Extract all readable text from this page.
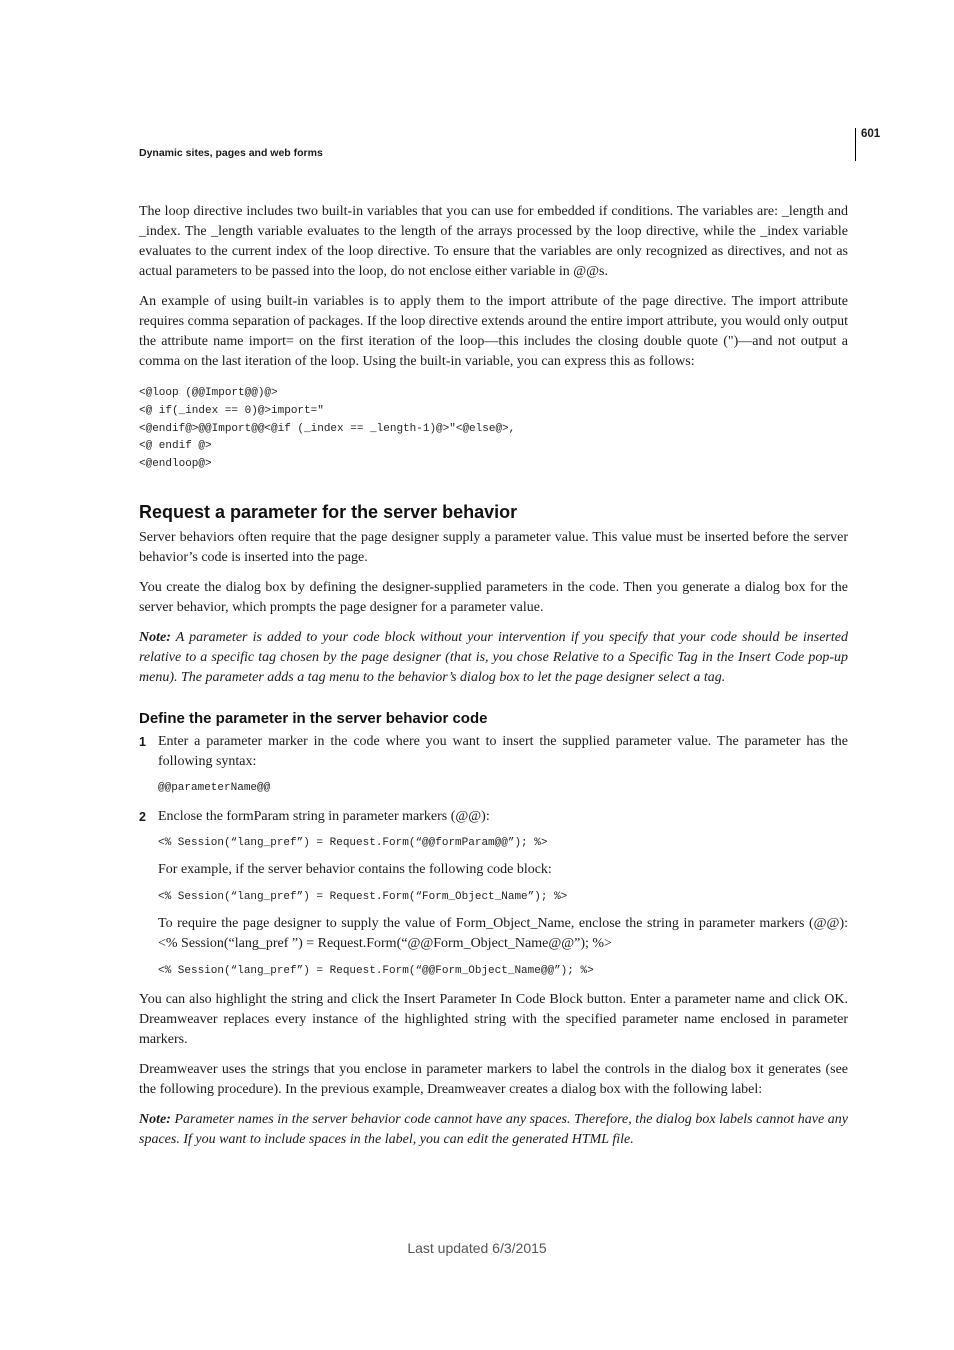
601
Dynamic sites, pages and web forms

The loop directive includes two built-in variables that you can use for embedded if conditions. The variables are: _length and _index. The _length variable evaluates to the length of the arrays processed by the loop directive, while the _index variable evaluates to the current index of the loop directive. To ensure that the variables are only recognized as directives, and not as actual parameters to be passed into the loop, do not enclose either variable in @@s.

An example of using built-in variables is to apply them to the import attribute of the page directive. The import attribute requires comma separation of packages. If the loop directive extends around the entire import attribute, you would only output the attribute name import= on the first iteration of the loop—this includes the closing double quote (")—and not output a comma on the last iteration of the loop. Using the built-in variable, you can express this as follows:

<@loop (@@Import@@)@>
<@ if(_index == 0)@>import="
<@endif@>@@Import@@<@if (_index == _length-1)@>"<@else@>,
<@ endif @>
<@endloop@>
Request a parameter for the server behavior

Server behaviors often require that the page designer supply a parameter value. This value must be inserted before the server behavior’s code is inserted into the page.

You create the dialog box by defining the designer-supplied parameters in the code. Then you generate a dialog box for the server behavior, which prompts the page designer for a parameter value.

Note: A parameter is added to your code block without your intervention if you specify that your code should be inserted relative to a specific tag chosen by the page designer (that is, you chose Relative to a Specific Tag in the Insert Code pop-up menu). The parameter adds a tag menu to the behavior’s dialog box to let the page designer select a tag.

Define the parameter in the server behavior code
1 Enter a parameter marker in the code where you want to insert the supplied parameter value. The parameter has the following syntax:

@@parameterName@@
2 Enclose the formParam string in parameter markers (@@):

<% Session(“lang_pref”) = Request.Form(“@@formParam@@”); %>

For example, if the server behavior contains the following code block:

<% Session(“lang_pref”) = Request.Form(“Form_Object_Name”); %>

To require the page designer to supply the value of Form_Object_Name, enclose the string in parameter markers (@@):<% Session(“lang_pref ”) = Request.Form(“@@Form_Object_Name@@”); %>

<% Session(“lang_pref”) = Request.Form(“@@Form_Object_Name@@”); %>

You can also highlight the string and click the Insert Parameter In Code Block button. Enter a parameter name and click OK. Dreamweaver replaces every instance of the highlighted string with the specified parameter name enclosed in parameter markers.

Dreamweaver uses the strings that you enclose in parameter markers to label the controls in the dialog box it generates (see the following procedure). In the previous example, Dreamweaver creates a dialog box with the following label:

Note: Parameter names in the server behavior code cannot have any spaces. Therefore, the dialog box labels cannot have any spaces. If you want to include spaces in the label, you can edit the generated HTML file.

Last updated 6/3/2015
